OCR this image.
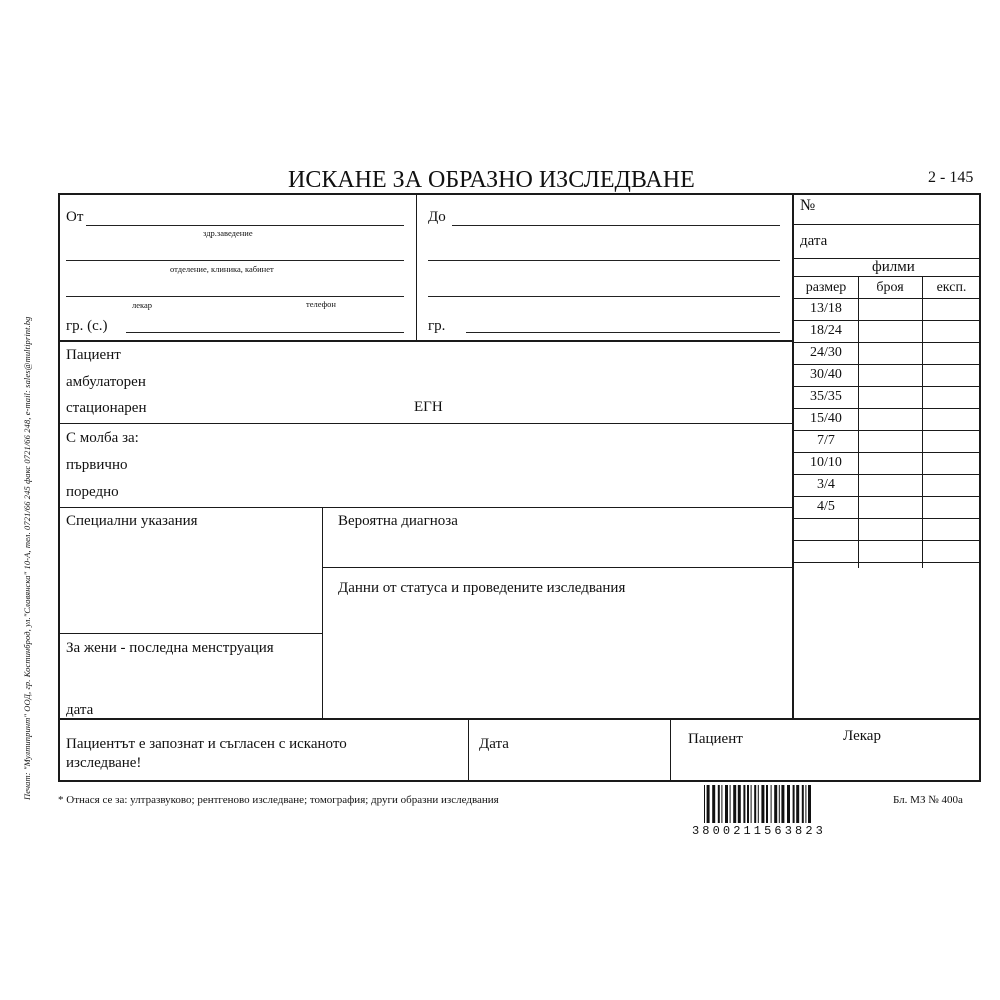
ИСКАНЕ ЗА ОБРАЗНО ИЗСЛЕДВАНЕ	2 - 145
Печат: "Мултипринт" ООД, гр. Костинброд, ул."Славянска" 10-А, тел. 0721/66 245 факс 0721/66 248, e-mail: sales@multiprint.bg
От
здр.заведение
отделение, клиника, кабинет
лекар	телефон
гр. (с.)
До
гр.
№
дата
филми
размер	броя	експ.
13/18
18/24
24/30
30/40
35/35
15/40
7/7
10/10
3/4
4/5
Пациент
амбулаторен
стационарен	ЕГН
С молба за:
първично
поредно
Специални указания	Вероятна диагноза
Данни от статуса и проведените изследвания
За жени - последна менструация
дата
Пациентът е запознат и съгласен с исканото
изследване!
Дата	Пациент	Лекар
* Отнася се за: ултразвуково; рентгеново изследване; томография; други образни изследвания	Бл. МЗ № 400а
3800211563823
